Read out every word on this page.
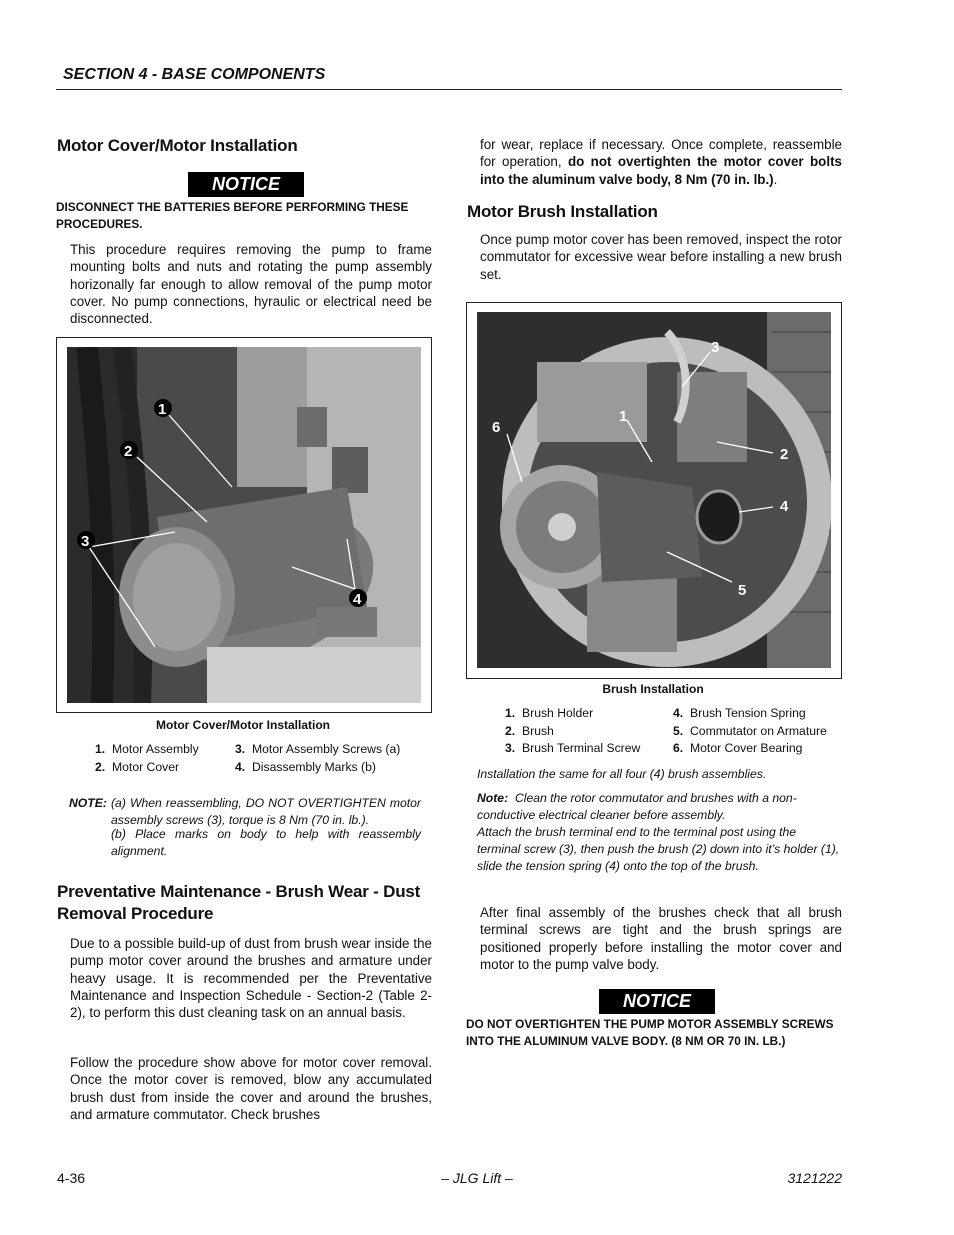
SECTION 4 - BASE COMPONENTS
Motor Cover/Motor Installation
NOTICE
DISCONNECT THE BATTERIES BEFORE PERFORMING THESE PROCEDURES.

This procedure requires removing the pump to frame mounting bolts and nuts and rotating the pump assembly horizonally far enough to allow removal of the pump motor cover. No pump connections, hyraulic or electrical need be disconnected.

1
2
3
4
Motor Cover/Motor Installation
1. Motor Assembly
2. Motor Cover
3. Motor Assembly Screws (a)
4. Disassembly Marks (b)
NOTE: (a) When reassembling, DO NOT OVERTIGHTEN motor assembly screws (3), torque is 8 Nm (70 in. lb.).
(b) Place marks on body to help with reassembly alignment.
Preventative Maintenance - Brush Wear - Dust Removal Procedure

Due to a possible build-up of dust from brush wear inside the pump motor cover around the brushes and armature under heavy usage. It is recommended per the Preventative Maintenance and Inspection Schedule - Section-2 (Table 2-2), to perform this dust cleaning task on an annual basis.

Follow the procedure show above for motor cover removal. Once the motor cover is removed, blow any accumulated brush dust from inside the cover and around the brushes, and armature commutator. Check brushes

for wear, replace if necessary. Once complete, reassemble for operation, do not overtighten the motor cover bolts into the aluminum valve body, 8 Nm (70 in. lb.).

Motor Brush Installation

Once pump motor cover has been removed, inspect the rotor commutator for excessive wear before installing a new brush set.

1
2
3
4
5
6
Brush Installation
1. Brush Holder
2. Brush
3. Brush Terminal Screw
4. Brush Tension Spring
5. Commutator on Armature
6. Motor Cover Bearing
Installation the same for all four (4) brush assemblies.
Note: Clean the rotor commutator and brushes with a non-conductive electrical cleaner before assembly.
Attach the brush terminal end to the terminal post using the terminal screw (3), then push the brush (2) down into it’s holder (1), slide the tension spring (4) onto the top of the brush.

After final assembly of the brushes check that all brush terminal screws are tight and the brush springs are positioned properly before installing the motor cover and motor to the pump valve body.

NOTICE
DO NOT OVERTIGHTEN THE PUMP MOTOR ASSEMBLY SCREWS INTO THE ALUMINUM VALVE BODY. (8 NM OR 70 IN. LB.)
4-36	– JLG Lift –	3121222
